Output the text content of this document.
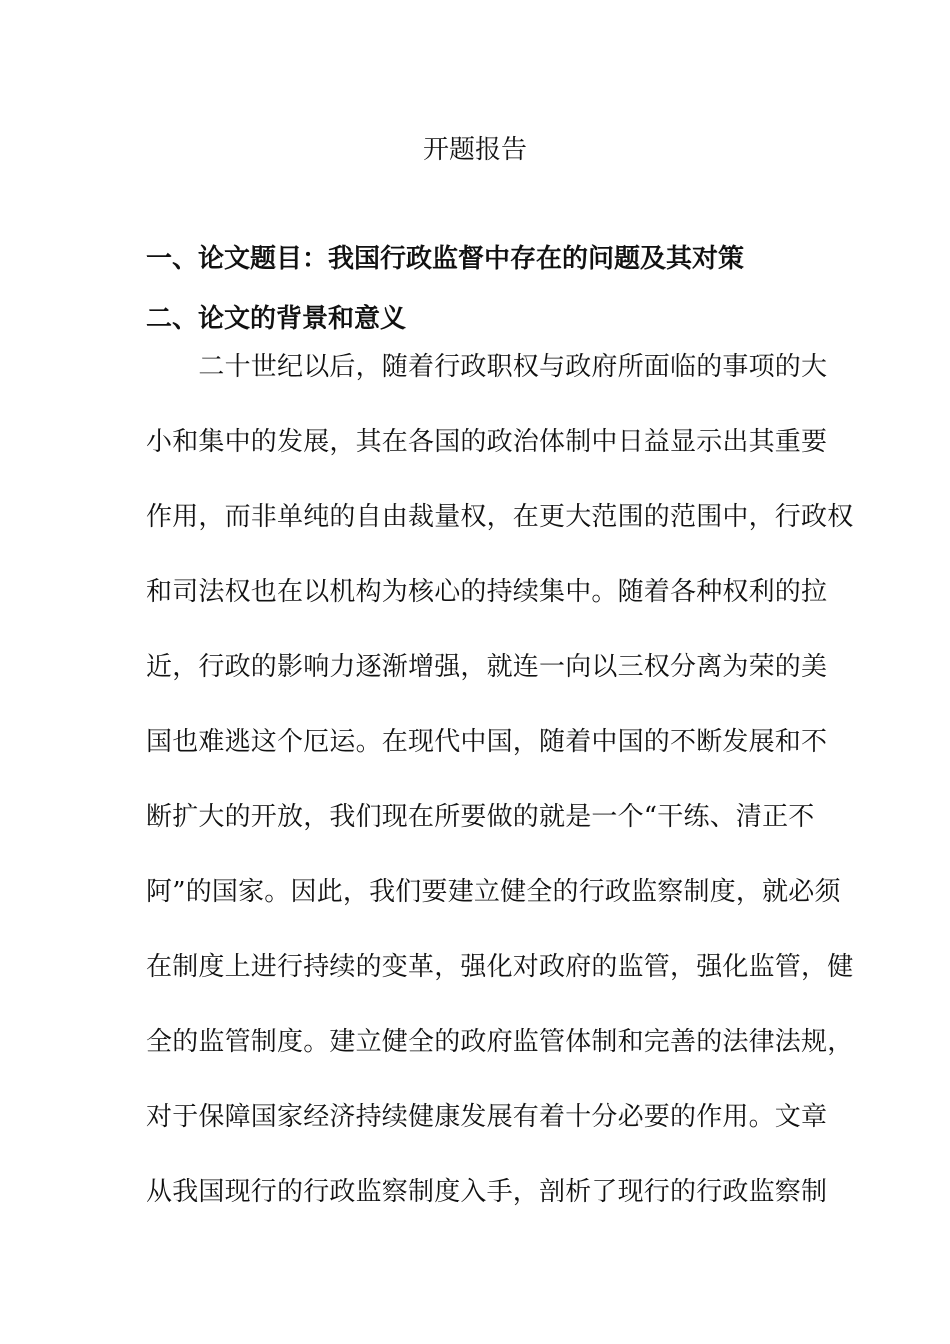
开题报告
一、论文题目：我国行政监督中存在的问题及其对策
二、论文的背景和意义

　　二十世纪以后，随着行政职权与政府所面临的事项的大

小和集中的发展，其在各国的政治体制中日益显示出其重要

作用，而非单纯的自由裁量权，在更大范围的范围中，行政权

和司法权也在以机构为核心的持续集中。随着各种权利的拉

近，行政的影响力逐渐增强，就连一向以三权分离为荣的美

国也难逃这个厄运。在现代中国，随着中国的不断发展和不

断扩大的开放，我们现在所要做的就是一个“干练、清正不

阿”的国家。因此，我们要建立健全的行政监察制度，就必须

在制度上进行持续的变革，强化对政府的监管，强化监管，健

全的监管制度。建立健全的政府监管体制和完善的法律法规，

对于保障国家经济持续健康发展有着十分必要的作用。文章

从我国现行的行政监察制度入手，剖析了现行的行政监察制
